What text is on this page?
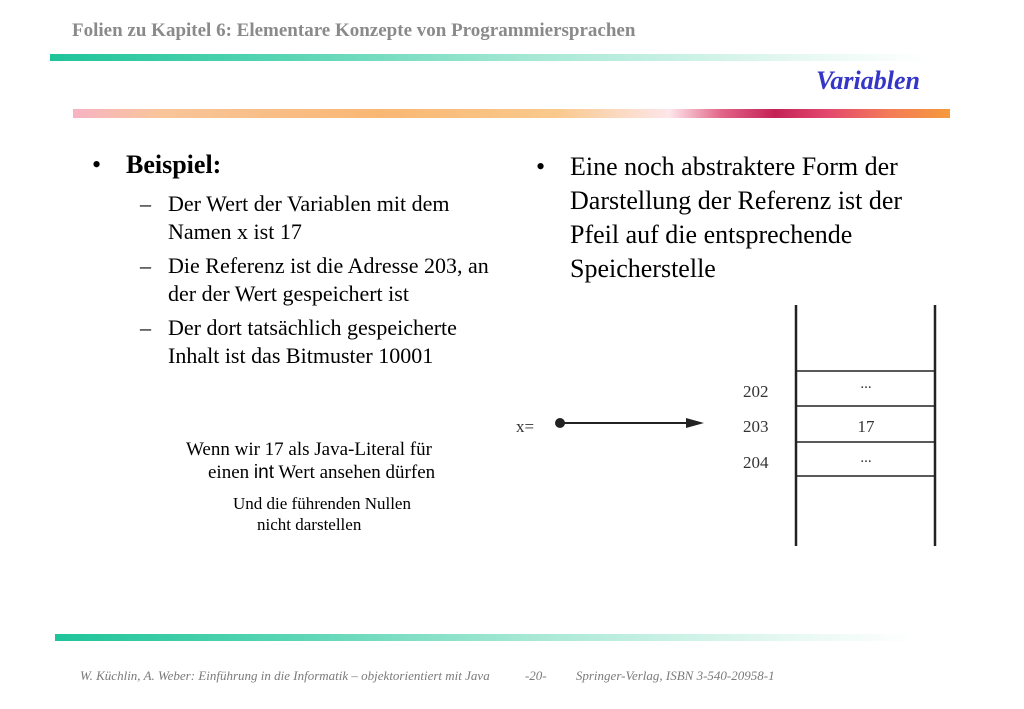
Folien zu Kapitel 6: Elementare Konzepte von Programmiersprachen
Variablen
• Beispiel:
– Der Wert der Variablen mit dem Namen x ist 17
– Die Referenz ist die Adresse 203, an der der Wert gespeichert ist
– Der dort tatsächlich gespeicherte Inhalt ist das Bitmuster 10001
Wenn wir 17 als Java-Literal für
einen int Wert ansehen dürfen
Und die führenden Nullen
nicht darstellen
• Eine noch abstraktere Form der Darstellung der Referenz ist der Pfeil auf die entsprechende Speicherstelle
202
203
204
...
17
...
x=
W. Küchlin, A. Weber: Einführung in die Informatik – objektorientiert mit Java	-20- Springer-Verlag, ISBN 3-540-20958-1
